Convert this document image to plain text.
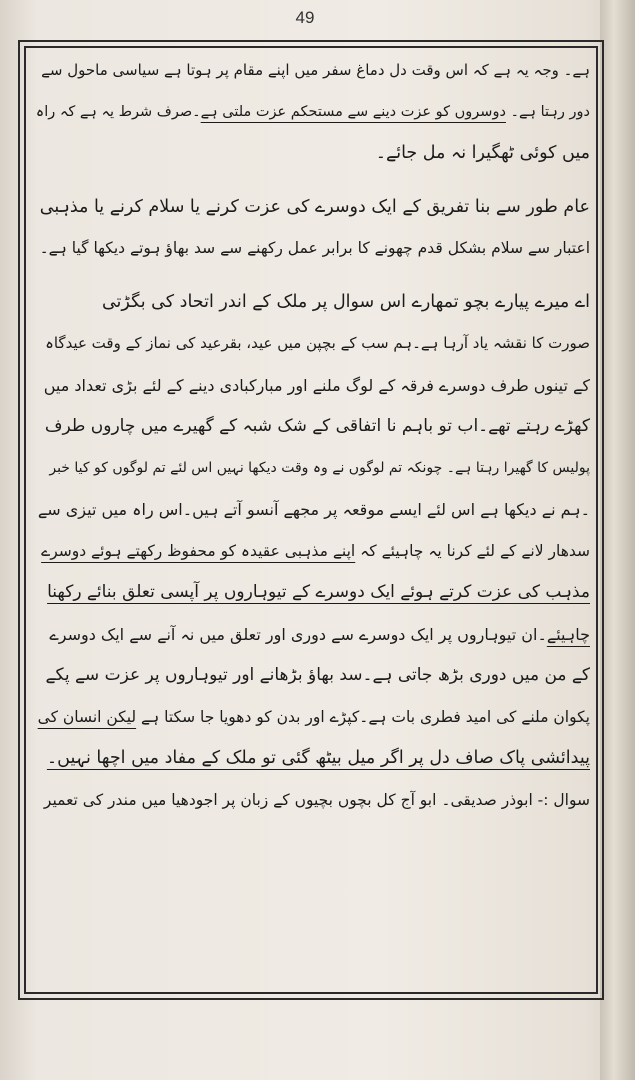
49
ہے۔ وجہ یہ ہے کہ اس وقت دل دماغ سفر میں اپنے مقام پر ہوتا ہے سیاسی ماحول سے
دور رہتا ہے۔ دوسروں کو عزت دینے سے مستحکم عزت ملتی ہے۔صرف شرط یہ ہے کہ راہ
میں کوئی ٹھگیرا نہ مل جائے۔
عام طور سے بنا تفریق کے ایک دوسرے کی عزت کرنے یا سلام کرنے یا مذہبی
اعتبار سے سلام بشکل قدم چھونے کا برابر عمل رکھنے سے سد بھاؤ ہوتے دیکھا گیا ہے۔
اے میرے پیارے بچو تمھارے اس سوال پر ملک کے اندر اتحاد کی بگڑتی
صورت کا نقشہ یاد آرہا ہے۔ہم سب کے بچپن میں عید، بقرعید کی نماز کے وقت عیدگاہ
کے تینوں طرف دوسرے فرقہ کے لوگ ملنے اور مبارکبادی دینے کے لئے بڑی تعداد میں
کھڑے رہتے تھے۔اب تو باہم نا اتفاقی کے شک شبہ کے گھیرے میں چاروں طرف
پولیس کا گھیرا رہتا ہے۔ چونکہ تم لوگوں نے وہ وقت دیکھا نہیں اس لئے تم لوگوں کو کیا خبر
۔ہم نے دیکھا ہے اس لئے ایسے موقعہ پر مجھے آنسو آتے ہیں۔اس راہ میں تیزی سے
سدھار لانے کے لئے کرنا یہ چاہیئے کہ اپنے مذہبی عقیدہ کو محفوظ رکھتے ہوئے دوسرے
مذہب کی عزت کرتے ہوئے ایک دوسرے کے تیوہاروں پر آپسی تعلق بنائے رکھنا
چاہیئے۔ان تیوہاروں پر ایک دوسرے سے دوری اور تعلق میں نہ آنے سے ایک دوسرے
کے من میں دوری بڑھ جاتی ہے۔سد بھاؤ بڑھانے اور تیوہاروں پر عزت سے پکے
پکوان ملنے کی امید فطری بات ہے۔کپڑے اور بدن کو دھویا جا سکتا ہے لیکن انسان کی
پیدائشی پاک صاف دل پر اگر میل بیٹھ گئی تو ملک کے مفاد میں اچھا نہیں۔
سوال :- ابوذر صدیقی۔ ابو آج کل بچوں بچیوں کے زبان پر اجودھیا میں مندر کی تعمیر
